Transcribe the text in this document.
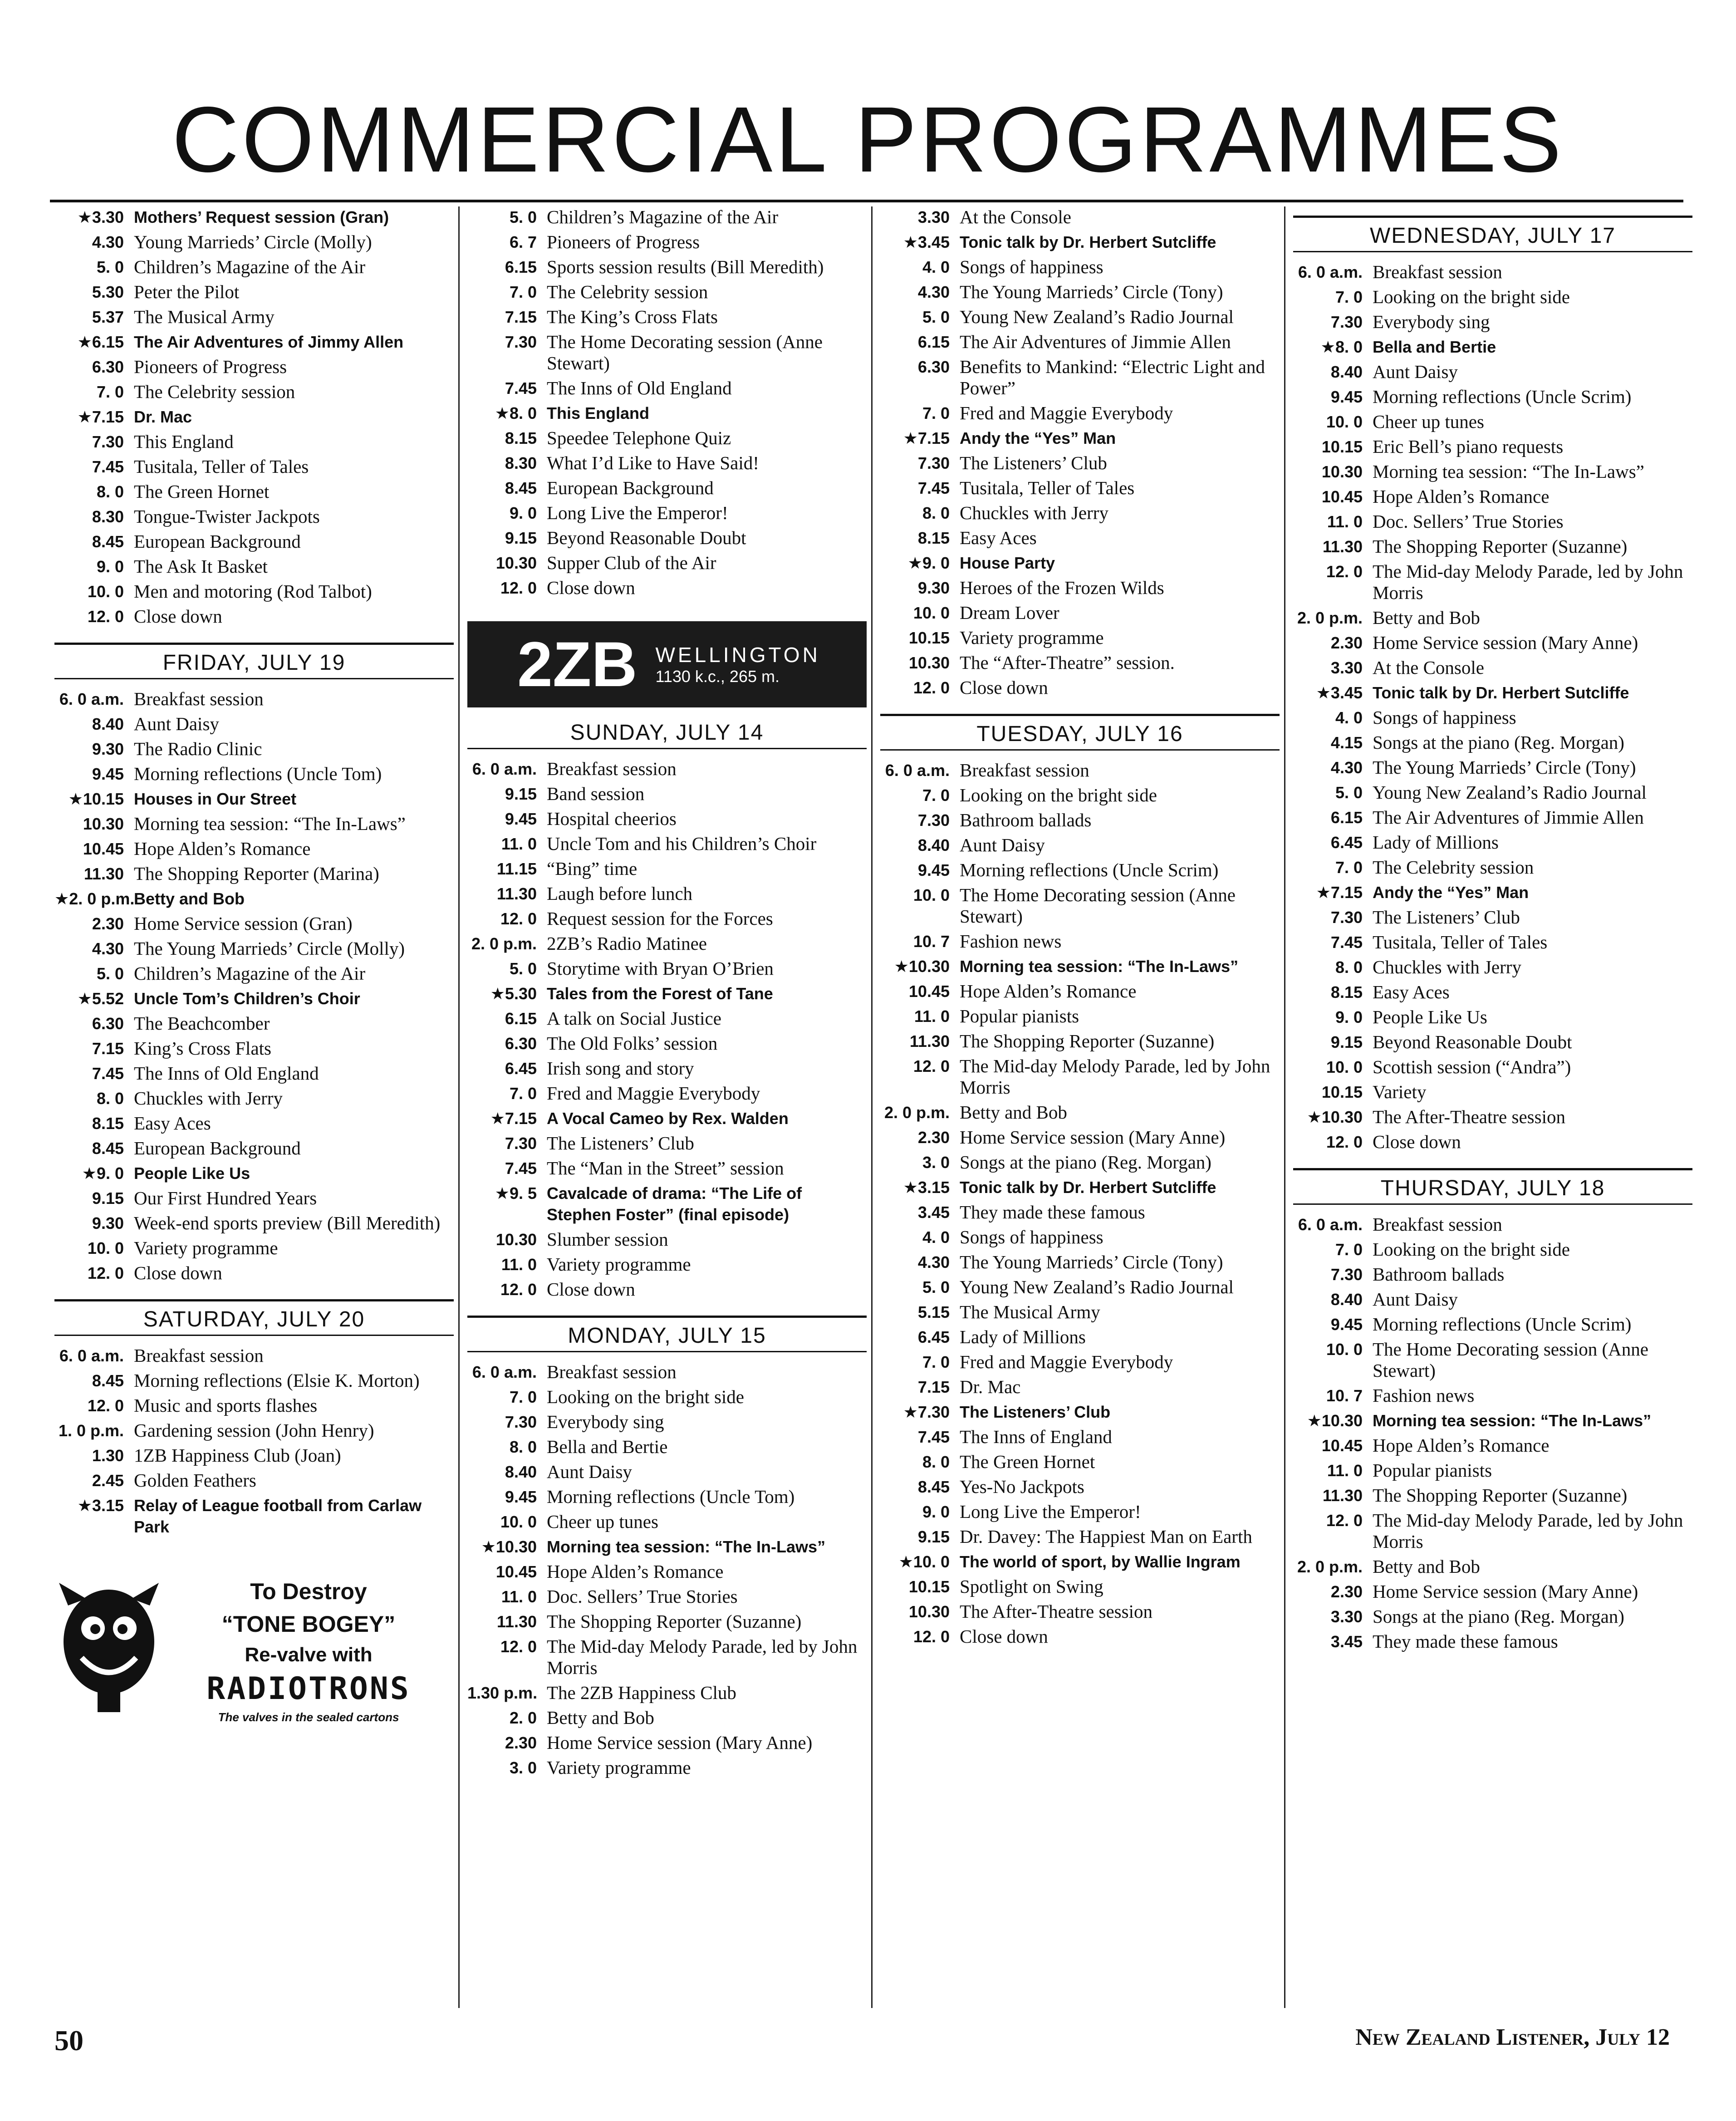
COMMERCIAL PROGRAMMES
★3.30 Mothers’ Request session (Gran)
4.30 Young Marrieds’ Circle (Molly)
5. 0 Children’s Magazine of the Air
5.30 Peter the Pilot
5.37 The Musical Army
★6.15 The Air Adventures of Jimmy Allen
6.30 Pioneers of Progress
7. 0 The Celebrity session
★7.15 Dr. Mac
7.30 This England
7.45 Tusitala, Teller of Tales
8. 0 The Green Hornet
8.30 Tongue-Twister Jackpots
8.45 European Background
9. 0 The Ask It Basket
10. 0 Men and motoring (Rod Talbot)
12. 0 Close down
FRIDAY, JULY 19
6. 0 a.m. Breakfast session
8.40 Aunt Daisy
9.30 The Radio Clinic
9.45 Morning reflections (Uncle Tom)
★10.15 Houses in Our Street
10.30 Morning tea session: “The In-Laws”
10.45 Hope Alden’s Romance
11.30 The Shopping Reporter (Marina)
★2. 0 p.m.
Betty and Bob
2.30 Home Service session (Gran)
4.30 The Young Marrieds’ Circle (Molly)
5. 0 Children’s Magazine of the Air
★5.52 Uncle Tom’s Children’s Choir
6.30 The Beachcomber
7.15 King’s Cross Flats
7.45 The Inns of Old England
8. 0 Chuckles with Jerry
8.15 Easy Aces
8.45 European Background
★9. 0 People Like Us
9.15 Our First Hundred Years
9.30 Week-end sports preview (Bill Meredith)
10. 0 Variety programme
12. 0 Close down
SATURDAY, JULY 20
6. 0 a.m. Breakfast session
8.45 Morning reflections (Elsie K. Morton)
12. 0 Music and sports flashes
1. 0 p.m. Gardening session (John Henry)
1.30 1ZB Happiness Club (Joan)
2.45 Golden Feathers
★3.15 Relay of League football from Carlaw Park
To Destroy
“TONE BOGEY”
Re-valve with
RADIOTRONS
The valves in the sealed cartons
5. 0 Children’s Magazine of the Air
6. 7 Pioneers of Progress
6.15 Sports session results (Bill Meredith)
7. 0 The Celebrity session
7.15 The King’s Cross Flats
7.30 The Home Decorating session (Anne Stewart)
7.45 The Inns of Old England
★8. 0 This England
8.15 Speedee Telephone Quiz
8.30 What I’d Like to Have Said!
8.45 European Background
9. 0 Long Live the Emperor!
9.15 Beyond Reasonable Doubt
10.30 Supper Club of the Air
12. 0 Close down
2ZB WELLINGTON
1130 k.c., 265 m.
SUNDAY, JULY 14
6. 0 a.m. Breakfast session
9.15 Band session
9.45 Hospital cheerios
11. 0 Uncle Tom and his Children’s Choir
11.15 “Bing” time
11.30 Laugh before lunch
12. 0 Request session for the Forces
2. 0 p.m. 2ZB’s Radio Matinee
5. 0 Storytime with Bryan O’Brien
★5.30 Tales from the Forest of Tane
6.15 A talk on Social Justice
6.30 The Old Folks’ session
6.45 Irish song and story
7. 0 Fred and Maggie Everybody
★7.15 A Vocal Cameo by Rex. Walden
7.30 The Listeners’ Club
7.45 The “Man in the Street” session
★9. 5 Cavalcade of drama: “The Life of Stephen Foster” (final episode)
10.30 Slumber session
11. 0 Variety programme
12. 0 Close down
MONDAY, JULY 15
6. 0 a.m. Breakfast session
7. 0 Looking on the bright side
7.30 Everybody sing
8. 0 Bella and Bertie
8.40 Aunt Daisy
9.45 Morning reflections (Uncle Tom)
10. 0 Cheer up tunes
★10.30 Morning tea session: “The In-Laws”
10.45 Hope Alden’s Romance
11. 0 Doc. Sellers’ True Stories
11.30 The Shopping Reporter (Suzanne)
12. 0 The Mid-day Melody Parade, led by John Morris
1.30 p.m. The 2ZB Happiness Club
2. 0 Betty and Bob
2.30 Home Service session (Mary Anne)
3. 0 Variety programme
3.30 At the Console
★3.45 Tonic talk by Dr. Herbert Sutcliffe
4. 0 Songs of happiness
4.30 The Young Marrieds’ Circle (Tony)
5. 0 Young New Zealand’s Radio Journal
6.15 The Air Adventures of Jimmie Allen
6.30 Benefits to Mankind: “Electric Light and Power”
7. 0 Fred and Maggie Everybody
★7.15 Andy the “Yes” Man
7.30 The Listeners’ Club
7.45 Tusitala, Teller of Tales
8. 0 Chuckles with Jerry
8.15 Easy Aces
★9. 0 House Party
9.30 Heroes of the Frozen Wilds
10. 0 Dream Lover
10.15 Variety programme
10.30 The “After-Theatre” session.
12. 0 Close down
TUESDAY, JULY 16
6. 0 a.m. Breakfast session
7. 0 Looking on the bright side
7.30 Bathroom ballads
8.40 Aunt Daisy
9.45 Morning reflections (Uncle Scrim)
10. 0 The Home Decorating session (Anne Stewart)
10. 7 Fashion news
★10.30 Morning tea session: “The In-Laws”
10.45 Hope Alden’s Romance
11. 0 Popular pianists
11.30 The Shopping Reporter (Suzanne)
12. 0 The Mid-day Melody Parade, led by John Morris
2. 0 p.m. Betty and Bob
2.30 Home Service session (Mary Anne)
3. 0 Songs at the piano (Reg. Morgan)
★3.15 Tonic talk by Dr. Herbert Sutcliffe
3.45 They made these famous
4. 0 Songs of happiness
4.30 The Young Marrieds’ Circle (Tony)
5. 0 Young New Zealand’s Radio Journal
5.15 The Musical Army
6.45 Lady of Millions
7. 0 Fred and Maggie Everybody
7.15 Dr. Mac
★7.30 The Listeners’ Club
7.45 The Inns of England
8. 0 The Green Hornet
8.45 Yes-No Jackpots
9. 0 Long Live the Emperor!
9.15 Dr. Davey: The Happiest Man on Earth
★10. 0 The world of sport, by Wallie Ingram
10.15 Spotlight on Swing
10.30 The After-Theatre session
12. 0 Close down
WEDNESDAY, JULY 17
6. 0 a.m. Breakfast session
7. 0 Looking on the bright side
7.30 Everybody sing
★8. 0 Bella and Bertie
8.40 Aunt Daisy
9.45 Morning reflections (Uncle Scrim)
10. 0 Cheer up tunes
10.15 Eric Bell’s piano requests
10.30 Morning tea session: “The In-Laws”
10.45 Hope Alden’s Romance
11. 0 Doc. Sellers’ True Stories
11.30 The Shopping Reporter (Suzanne)
12. 0 The Mid-day Melody Parade, led by John Morris
2. 0 p.m. Betty and Bob
2.30 Home Service session (Mary Anne)
3.30 At the Console
★3.45 Tonic talk by Dr. Herbert Sutcliffe
4. 0 Songs of happiness
4.15 Songs at the piano (Reg. Morgan)
4.30 The Young Marrieds’ Circle (Tony)
5. 0 Young New Zealand’s Radio Journal
6.15 The Air Adventures of Jimmie Allen
6.45 Lady of Millions
7. 0 The Celebrity session
★7.15 Andy the “Yes” Man
7.30 The Listeners’ Club
7.45 Tusitala, Teller of Tales
8. 0 Chuckles with Jerry
8.15 Easy Aces
9. 0 People Like Us
9.15 Beyond Reasonable Doubt
10. 0 Scottish session (“Andra”)
10.15 Variety
★10.30 The After-Theatre session
12. 0 Close down
THURSDAY, JULY 18
6. 0 a.m. Breakfast session
7. 0 Looking on the bright side
7.30 Bathroom ballads
8.40 Aunt Daisy
9.45 Morning reflections (Uncle Scrim)
10. 0 The Home Decorating session (Anne Stewart)
10. 7 Fashion news
★10.30 Morning tea session: “The In-Laws”
10.45 Hope Alden’s Romance
11. 0 Popular pianists
11.30 The Shopping Reporter (Suzanne)
12. 0 The Mid-day Melody Parade, led by John Morris
2. 0 p.m. Betty and Bob
2.30 Home Service session (Mary Anne)
3.30 Songs at the piano (Reg. Morgan)
3.45 They made these famous
50	New Zealand Listener, July 12
